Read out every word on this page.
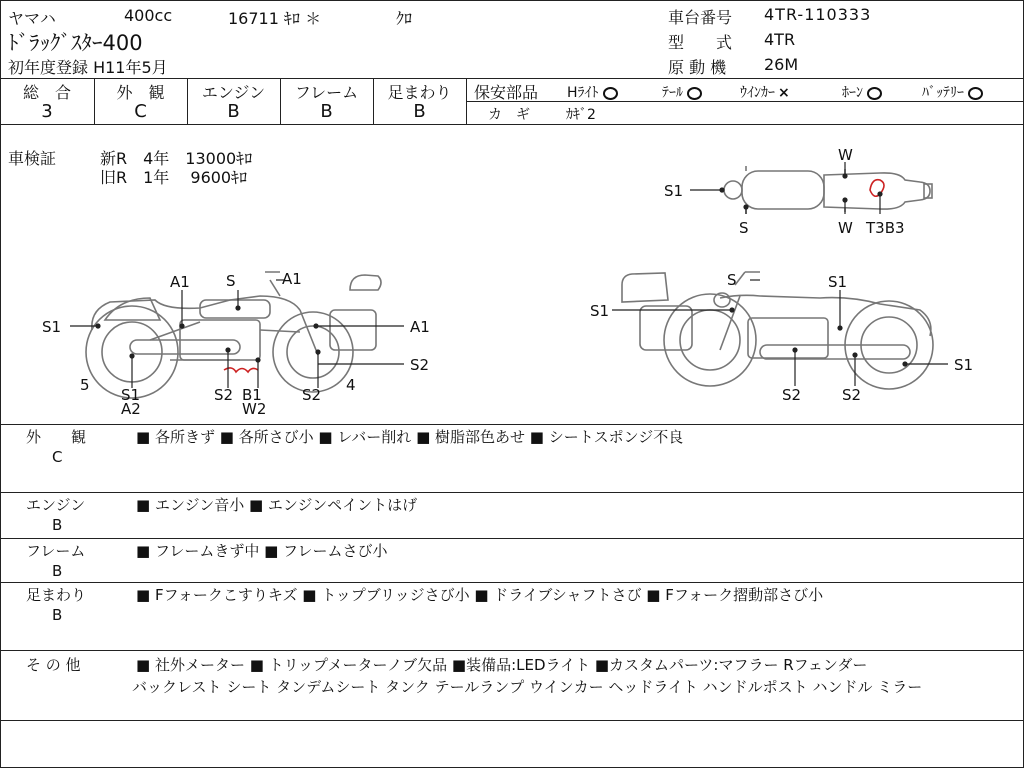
ヤマハ	400cc	16711 ｷﾛ ＊	ｸﾛ
ﾄﾞﾗｯｸﾞｽﾀｰ400
初年度登録 H11年5月
車台番号 4TR-110333
型　　式 4TR
原 動 機 26M
総　合	外　観	エンジン	フレーム	足まわり
3	C	B	B	B
保安部品 Hﾗｲﾄ	ﾃｰﾙ	ｳｲﾝｶｰ ×	ﾎｰﾝ	ﾊﾞｯﾃﾘｰ
カ　ギ	ｶｷﾞ2
車検証	新R　4年　13000ｷﾛ
旧R　1年　 9600ｷﾛ
W
S1
S	W T3B3
S1
A1 S	A1
A1
5
S1
A2
S2 B1
W2
S2
4
S2
S
S1
S1
S2	S2
S1
外　　観
C
■ 各所きず ■ 各所さび小 ■ レバー削れ ■ 樹脂部色あせ ■ シートスポンジ不良
エンジン
B
■ エンジン音小 ■ エンジンペイントはげ
フレーム
B
■ フレームきず中 ■ フレームさび小
足まわり
B
■ Fフォークこすりキズ ■ トップブリッジさび小 ■ ドライブシャフトさび ■ Fフォーク摺動部さび小
そ の 他	■ 社外メーター ■ トリップメーターノブ欠品 ■装備品:LEDライト ■カスタムパーツ:マフラー Rフェンダー
バックレスト シート タンデムシート タンク テールランプ ウインカー ヘッドライト ハンドルポスト ハンドル ミラー
